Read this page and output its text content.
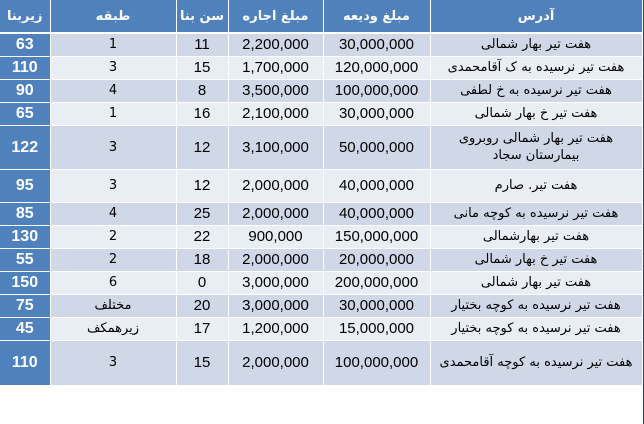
آدرس	مبلغ ودیعه	مبلغ اجاره	سن بنا	طبقه	زیربنا
هفت تیر بهار شمالی	30,000,000	2,200,000	11	1	63
هفت تیر نرسیده به ک آقامحمدی	120,000,000	1,700,000	15	3	110
هفت تیر نرسیده به خ لطفی	100,000,000	3,500,000	8	4	90
هفت تیر خ بهار شمالی	30,000,000	2,100,000	16	1	65
هفت تیر بهار شمالی روبروی بیمارستان سجاد	50,000,000	3,100,000	12	3	122
هفت تیر. صارم	40,000,000	2,000,000	12	3	95
هفت تیر نرسیده به کوچه مانی	40,000,000	2,000,000	25	4	85
هفت تیر بهارشمالی	150,000,000	900,000	22	2	130
هفت تیر خ بهار شمالی	20,000,000	2,000,000	18	2	55
هفت تیر بهار شمالی	200,000,000	3,000,000	0	6	150
هفت تیر نرسیده به کوچه بختیار	30,000,000	3,000,000	20	مختلف	75
هفت تیر نرسیده به کوچه بختیار	15,000,000	1,200,000	17	زیرهمکف	45
هفت تیر نرسیده به کوچه آقامحمدی	100,000,000	2,000,000	15	3	110
